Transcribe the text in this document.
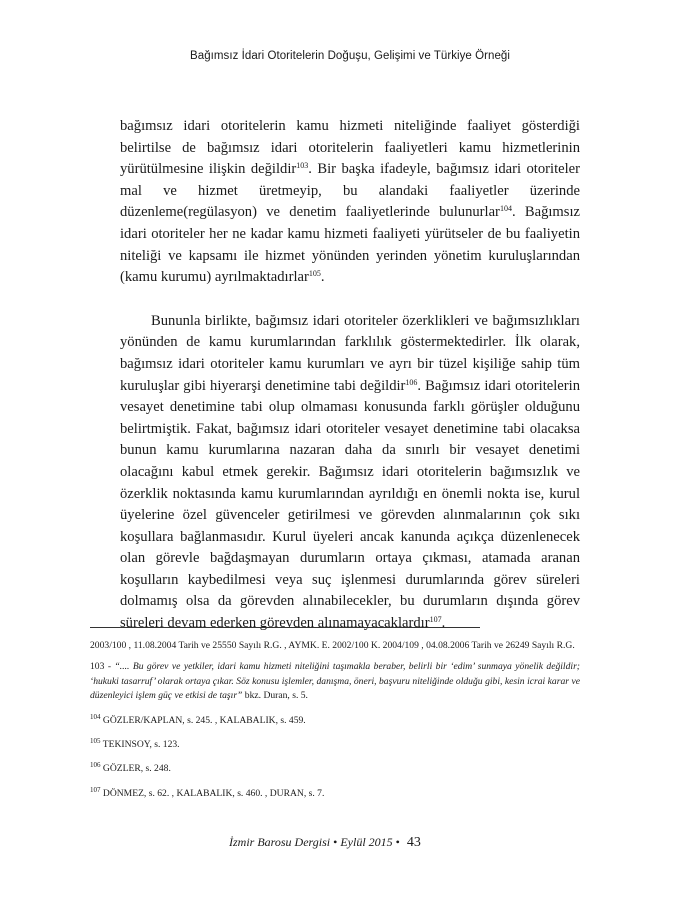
Bağımsız İdari Otoritelerin Doğuşu, Gelişimi ve Türkiye Örneği

bağımsız idari otoritelerin kamu hizmeti niteliğinde faaliyet gösterdiği belirtilse de bağımsız idari otoritelerin faaliyetleri kamu hizmetlerinin yürütülmesine ilişkin değildir$^{103}$. Bir başka ifadeyle, bağımsız idari otoriteler mal ve hizmet üretmeyip, bu alandaki faaliyetler üzerinde düzenleme(regülasyon) ve denetim faaliyetlerinde bulunurlar$^{104}$. Bağımsız idari otoriteler her ne kadar kamu hizmeti faaliyeti yürütseler de bu faaliyetin niteliği ve kapsamı ile hizmet yönünden yerinden yönetim kuruluşlarından (kamu kurumu) ayrılmaktadırlar$^{105}$.

Bununla birlikte, bağımsız idari otoriteler özerklikleri ve bağımsızlıkları yönünden de kamu kurumlarından farklılık göstermektedirler. İlk olarak, bağımsız idari otoriteler kamu kurumları ve ayrı bir tüzel kişiliğe sahip tüm kuruluşlar gibi hiyerarşi denetimine tabi değildir$^{106}$. Bağımsız idari otoritelerin vesayet denetimine tabi olup olmaması konusunda farklı görüşler olduğunu belirtmiştik. Fakat, bağımsız idari otoriteler vesayet denetimine tabi olacaksa bunun kamu kurumlarına nazaran daha da sınırlı bir vesayet denetimi olacağını kabul etmek gerekir. Bağımsız idari otoritelerin bağımsızlık ve özerklik noktasında kamu kurumlarından ayrıldığı en önemli nokta ise, kurul üyelerine özel güvenceler getirilmesi ve görevden alınmalarının çok sıkı koşullara bağlanmasıdır. Kurul üyeleri ancak kanunda açıkça düzenlenecek olan görevle bağdaşmayan durumların ortaya çıkması, atamada aranan koşulların kaybedilmesi veya suç işlenmesi durumlarında görev süreleri dolmamış olsa da görevden alınabilecekler, bu durumların dışında görev süreleri devam ederken görevden alınamayacaklardır$^{107}$.

2003/100 , 11.08.2004 Tarih ve 25550 Sayılı R.G. , AYMK. E. 2002/100 K. 2004/109 , 04.08.2006 Tarih ve 26249 Sayılı R.G.
103 - “.... Bu görev ve yetkiler, idari kamu hizmeti niteliğini taşımakla beraber, belirli bir ‘edim’ sunmaya yönelik değildir; ‘hukuki tasarruf’ olarak ortaya çıkar. Söz konusu işlemler, danışma, öneri, başvuru niteliğinde olduğu gibi, kesin icrai karar ve düzenleyici işlem güç ve etkisi de taşır” bkz. Duran, s. 5.
$^{104}$ GÖZLER/KAPLAN, s. 245. , KALABALIK, s. 459.
$^{105}$ TEKINSOY, s. 123.
$^{106}$ GÖZLER, s. 248.
$^{107}$ DÖNMEZ, s. 62. , KALABALIK, s. 460. , DURAN, s. 7.
İzmir Barosu Dergisi • Eylül 2015 • 43
